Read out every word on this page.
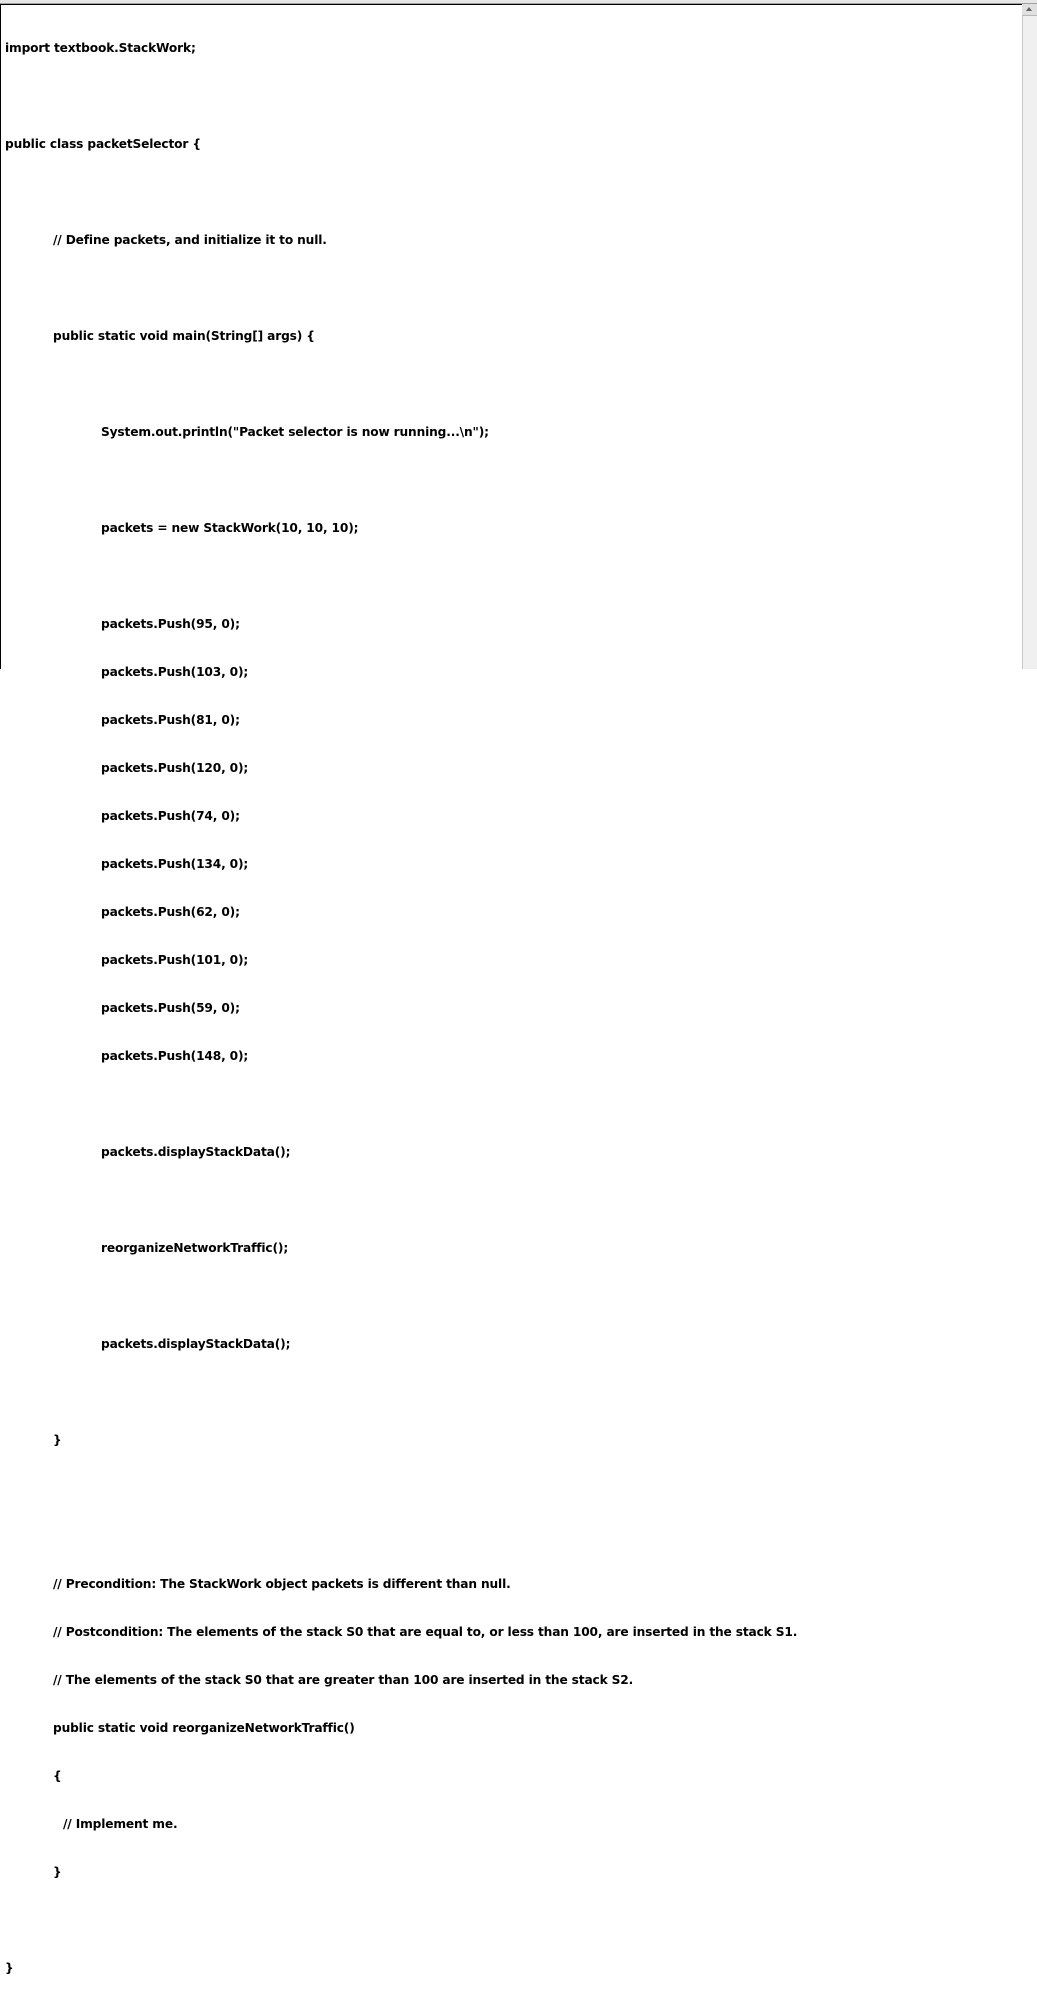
import textbook.StackWork;

public class packetSelector {

// Define packets, and initialize it to null.

public static void main(String[] args) {

System.out.println("Packet selector is now running...\n");

packets = new StackWork(10, 10, 10);

packets.Push(95, 0);

packets.Push(103, 0);

packets.Push(81, 0);

packets.Push(120, 0);

packets.Push(74, 0);

packets.Push(134, 0);

packets.Push(62, 0);

packets.Push(101, 0);

packets.Push(59, 0);

packets.Push(148, 0);

packets.displayStackData();

reorganizeNetworkTraffic();

packets.displayStackData();

}

// Precondition: The StackWork object packets is different than null.

// Postcondition: The elements of the stack S0 that are equal to, or less than 100, are inserted in the stack S1.

// The elements of the stack S0 that are greater than 100 are inserted in the stack S2.

public static void reorganizeNetworkTraffic()

{

// Implement me.

}

}
